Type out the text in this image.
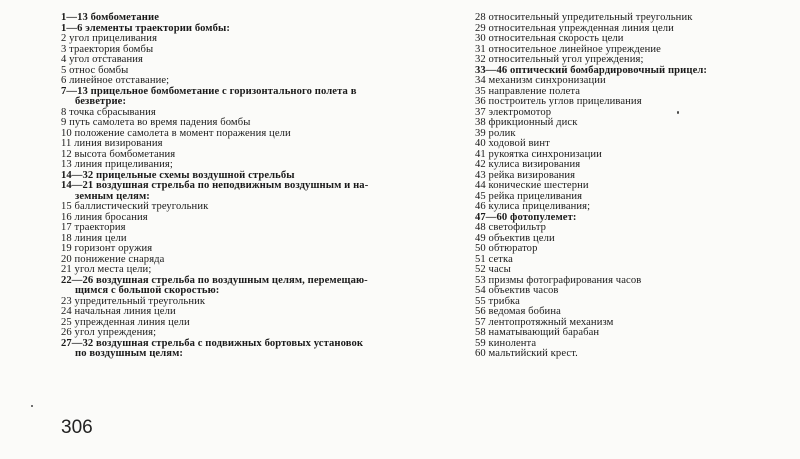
1—13 бомбометание
1—6 элементы траектории бомбы:
2 угол прицеливания
3 траектория бомбы
4 угол отставания
5 относ бомбы
6 линейное отставание;
7—13 прицельное бомбометание с горизонтального полета в
безветрие:
8 точка сбрасывания
9 путь самолета во время падения бомбы
10 положение самолета в момент поражения цели
11 линия визирования
12 высота бомбометания
13 линия прицеливания;
14—32 прицельные схемы воздушной стрельбы
14—21 воздушная стрельба по неподвижным воздушным и на-
земным целям:
15 баллистический треугольник
16 линия бросания
17 траектория
18 линия цели
19 горизонт оружия
20 понижение снаряда
21 угол места цели;
22—26 воздушная стрельба по воздушным целям, перемещаю-
щимся с большой скоростью:
23 упредительный треугольник
24 начальная линия цели
25 упрежденная линия цели
26 угол упреждения;
27—32 воздушная стрельба с подвижных бортовых установок
по воздушным целям:
28 относительный упредительный треугольник
29 относительная упрежденная линия цели
30 относительная скорость цели
31 относительное линейное упреждение
32 относительный угол упреждения;
33—46 оптический бомбардировочный прицел:
34 механизм синхронизации
35 направление полета
36 построитель углов прицеливания
37 электромотор
38 фрикционный диск
39 ролик
40 ходовой винт
41 рукоятка синхронизации
42 кулиса визирования
43 рейка визирования
44 конические шестерни
45 рейка прицеливания
46 кулиса прицеливания;
47—60 фотопулемет:
48 светофильтр
49 объектив цели
50 обтюратор
51 сетка
52 часы
53 призмы фотографирования часов
54 объектив часов
55 трибка
56 ведомая бобина
57 лентопротяжный механизм
58 наматывающий барабан
59 кинолента
60 мальтийский крест.
306
